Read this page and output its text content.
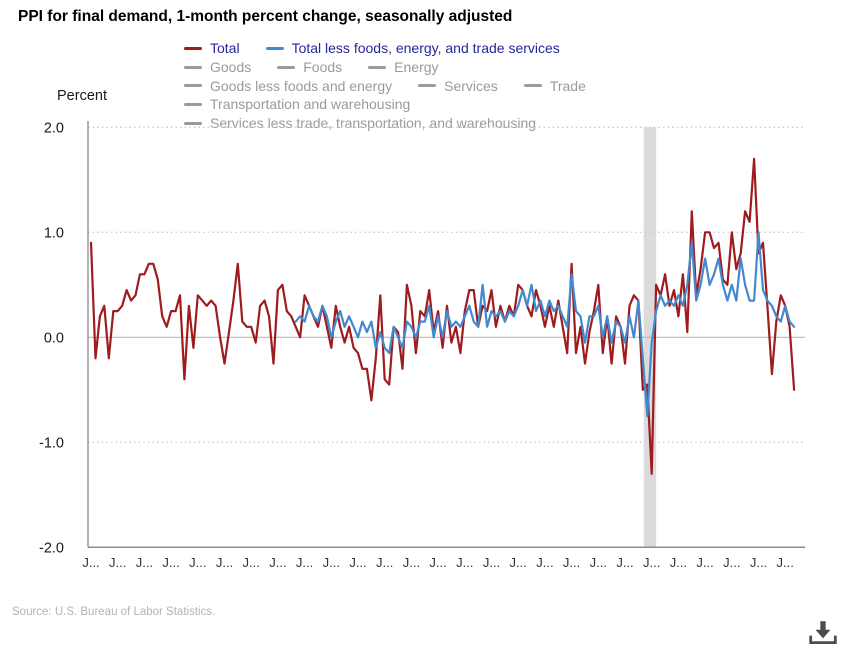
PPI for final demand, 1-month percent change, seasonally adjusted
Total	Total less foods, energy, and trade services
Goods	Foods	Energy
Goods less foods and energy	Services	Trade
Transportation and warehousing
Services less trade, transportation, and warehousing
Percent
2.0
1.0
0.0
-1.0
-2.0
J... J... J... J... J... J... J... J... J... J... J... J... J... J... J... J... J... J... J... J... J... J... J... J... J... J... J...
Source: U.S. Bureau of Labor Statistics.
